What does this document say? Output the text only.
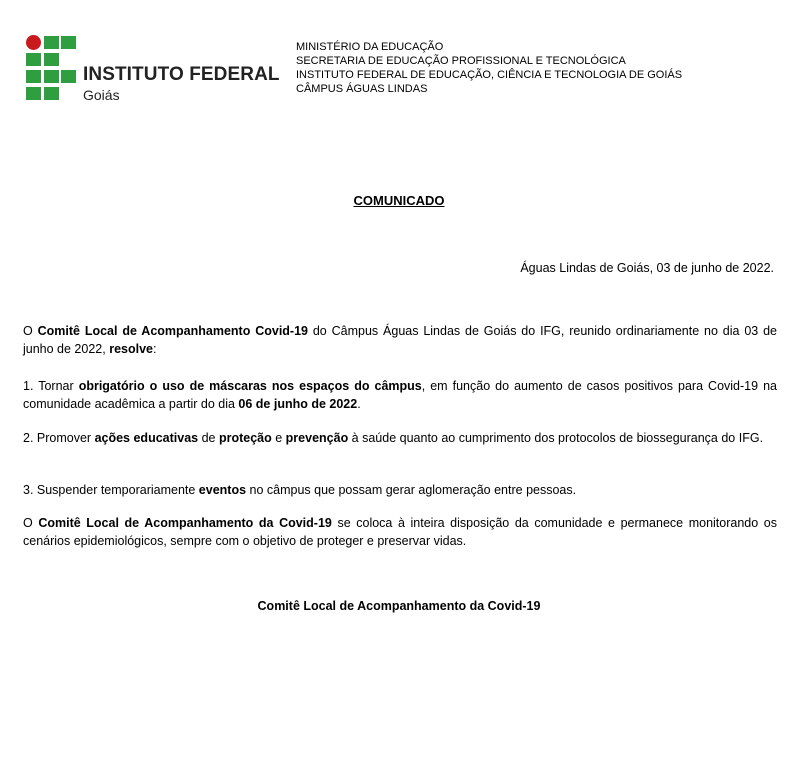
INSTITUTO FEDERAL
Goiás
MINISTÉRIO DA EDUCAÇÃO
SECRETARIA DE EDUCAÇÃO PROFISSIONAL E TECNOLÓGICA
INSTITUTO FEDERAL DE EDUCAÇÃO, CIÊNCIA E TECNOLOGIA DE GOIÁS
CÂMPUS ÁGUAS LINDAS
COMUNICADO
Águas Lindas de Goiás, 03 de junho de 2022.

O Comitê Local de Acompanhamento Covid-19 do Câmpus Águas Lindas de Goiás do IFG, reunido ordinariamente no dia 03 de junho de 2022, resolve:

1. Tornar obrigatório o uso de máscaras nos espaços do câmpus, em função do aumento de casos positivos para Covid-19 na comunidade acadêmica a partir do dia 06 de junho de 2022.

2. Promover ações educativas de proteção e prevenção à saúde quanto ao cumprimento dos protocolos de biossegurança do IFG.

3. Suspender temporariamente eventos no câmpus que possam gerar aglomeração entre pessoas.

O Comitê Local de Acompanhamento da Covid-19 se coloca à inteira disposição da comunidade e permanece monitorando os cenários epidemiológicos, sempre com o objetivo de proteger e preservar vidas.

Comitê Local de Acompanhamento da Covid-19
